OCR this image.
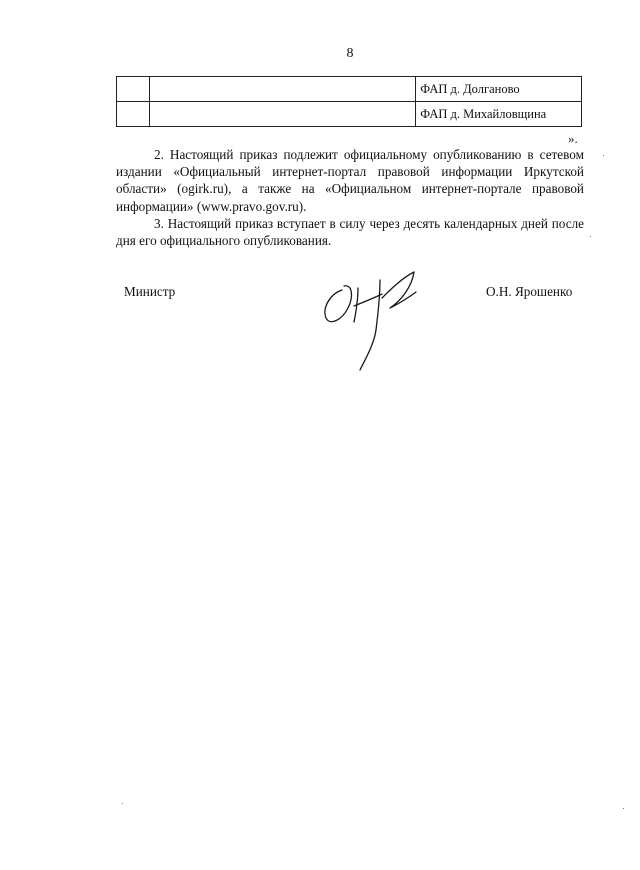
8
		ФАП д. Долганово
		ФАП д. Михайловщина
».

2. Настоящий приказ подлежит официальному опубликованию в сетевом издании «Официальный интернет-портал правовой информации Иркутской области» (ogirk.ru), а также на «Официальном интернет-портале правовой информации» (www.pravo.gov.ru).

3. Настоящий приказ вступает в силу через десять календарных дней после дня его официального опубликования.

Министр	О.Н. Ярошенко
